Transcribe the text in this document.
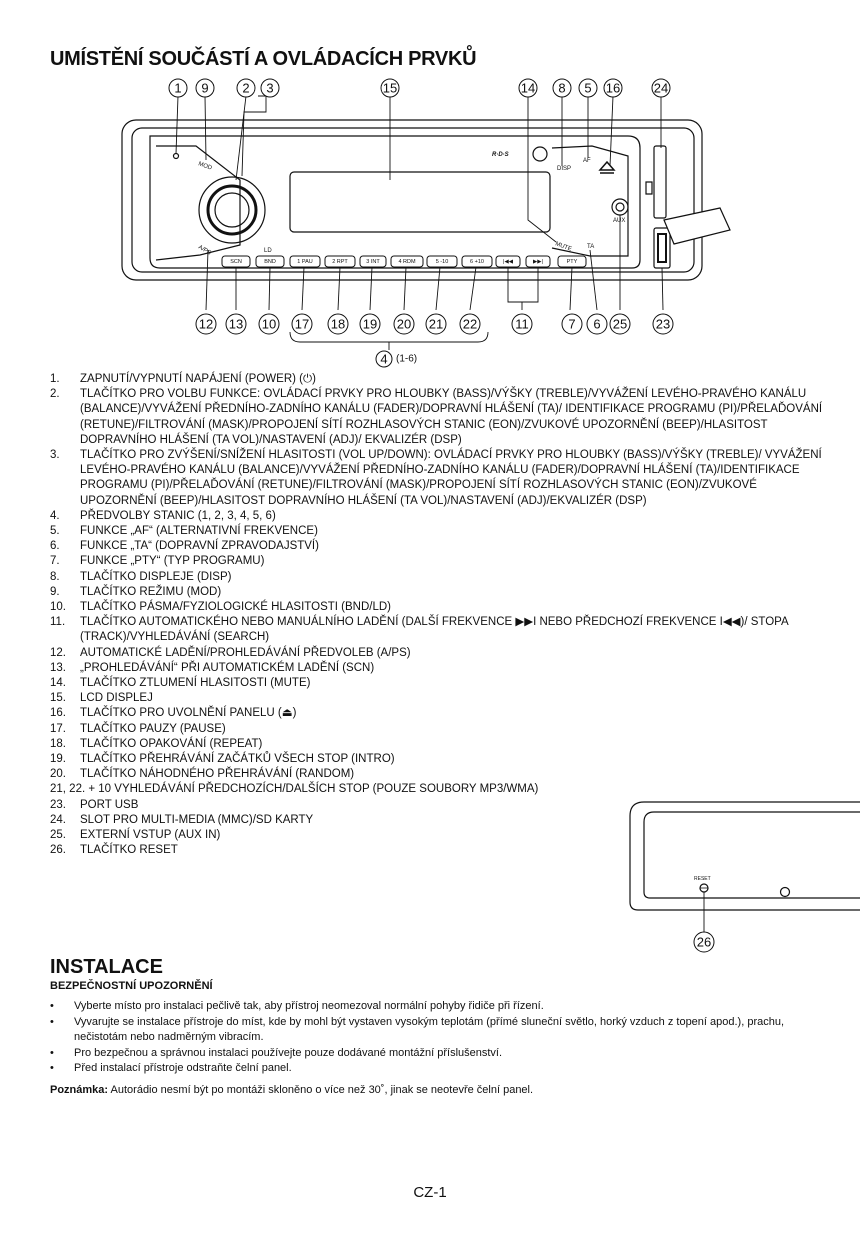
UMÍSTĚNÍ SOUČÁSTÍ A OVLÁDACÍCH PRVKŮ
SCN	BND	1 PAU	2 RPT	3 INT	4 RDM	5 -10	6 +10	|◀◀	▶▶|	PTY
MOD
A/PS	LD
R·D·S
DISP
AF
MUTE TA
AUX
1 9	2 3	15	14 8 5 16	24
12 13 10 17 18 19 20 21 22	11	7 6 25 23
4 (1-6)
1. ZAPNUTÍ/VYPNUTÍ NAPÁJENÍ (POWER) (⏻)
2. TLAČÍTKO PRO VOLBU FUNKCE: OVLÁDACÍ PRVKY PRO HLOUBKY (BASS)/VÝŠKY (TREBLE)/VYVÁŽENÍ LEVÉHO-PRAVÉHO KANÁLU (BALANCE)/VYVÁŽENÍ PŘEDNÍHO-ZADNÍHO KANÁLU (FADER)/DOPRAVNÍ HLÁŠENÍ (TA)/ IDENTIFIKACE PROGRAMU (PI)/PŘELAĎOVÁNÍ (RETUNE)/FILTROVÁNÍ (MASK)/PROPOJENÍ SÍTÍ ROZHLASOVÝCH STANIC (EON)/ZVUKOVÉ UPOZORNĚNÍ (BEEP)/HLASITOST DOPRAVNÍHO HLÁŠENÍ (TA VOL)/NASTAVENÍ (ADJ)/ EKVALIZÉR (DSP)
3. TLAČÍTKO PRO ZVÝŠENÍ/SNÍŽENÍ HLASITOSTI (VOL UP/DOWN): OVLÁDACÍ PRVKY PRO HLOUBKY (BASS)/VÝŠKY (TREBLE)/ VYVÁŽENÍ LEVÉHO-PRAVÉHO KANÁLU (BALANCE)/VYVÁŽENÍ PŘEDNÍHO-ZADNÍHO KANÁLU (FADER)/DOPRAVNÍ HLÁŠENÍ (TA)/IDENTIFIKACE PROGRAMU (PI)/PŘELAĎOVÁNÍ (RETUNE)/FILTROVÁNÍ (MASK)/PROPOJENÍ SÍTÍ ROZHLASOVÝCH STANIC (EON)/ZVUKOVÉ UPOZORNĚNÍ (BEEP)/HLASITOST DOPRAVNÍHO HLÁŠENÍ (TA VOL)/NASTAVENÍ (ADJ)/EKVALIZÉR (DSP)
4. PŘEDVOLBY STANIC (1, 2, 3, 4, 5, 6)
5. FUNKCE „AF“ (ALTERNATIVNÍ FREKVENCE)
6. FUNKCE „TA“ (DOPRAVNÍ ZPRAVODAJSTVÍ)
7. FUNKCE „PTY“ (TYP PROGRAMU)
8. TLAČÍTKO DISPLEJE (DISP)
9. TLAČÍTKO REŽIMU (MOD)
10. TLAČÍTKO PÁSMA/FYZIOLOGICKÉ HLASITOSTI (BND/LD)
11. TLAČÍTKO AUTOMATICKÉHO NEBO MANUÁLNÍHO LADĚNÍ (DALŠÍ FREKVENCE ▶▶I NEBO PŘEDCHOZÍ FREKVENCE I◀◀)/ STOPA (TRACK)/VYHLEDÁVÁNÍ (SEARCH)
12. AUTOMATICKÉ LADĚNÍ/PROHLEDÁVÁNÍ PŘEDVOLEB (A/PS)
13. „PROHLEDÁVÁNÍ“ PŘI AUTOMATICKÉM LADĚNÍ (SCN)
14. TLAČÍTKO ZTLUMENÍ HLASITOSTI (MUTE)
15. LCD DISPLEJ
16. TLAČÍTKO PRO UVOLNĚNÍ PANELU (⏏)
17. TLAČÍTKO PAUZY (PAUSE)
18. TLAČÍTKO OPAKOVÁNÍ (REPEAT)
19. TLAČÍTKO PŘEHRÁVÁNÍ ZAČÁTKŮ VŠECH STOP (INTRO)
20. TLAČÍTKO NÁHODNÉHO PŘEHRÁVÁNÍ (RANDOM)
21, 22. + 10 VYHLEDÁVÁNÍ PŘEDCHOZÍCH/DALŠÍCH STOP (POUZE SOUBORY MP3/WMA)
23. PORT USB
24. SLOT PRO MULTI-MEDIA (MMC)/SD KARTY
25. EXTERNÍ VSTUP (AUX IN)
26. TLAČÍTKO RESET
RESET
26
INSTALACE
BEZPEČNOSTNÍ UPOZORNĚNÍ
• Vyberte místo pro instalaci pečlivě tak, aby přístroj neomezoval normální pohyby řidiče při řízení.
• Vyvarujte se instalace přístroje do míst, kde by mohl být vystaven vysokým teplotám (přímé sluneční světlo, horký vzduch z topení apod.), prachu, nečistotám nebo nadměrným vibracím.
• Pro bezpečnou a správnou instalaci používejte pouze dodávané montážní příslušenství.
• Před instalací přístroje odstraňte čelní panel.
Poznámka: Autorádio nesmí být po montáži skloněno o více než 30˚, jinak se neotevře čelní panel.
CZ-1
